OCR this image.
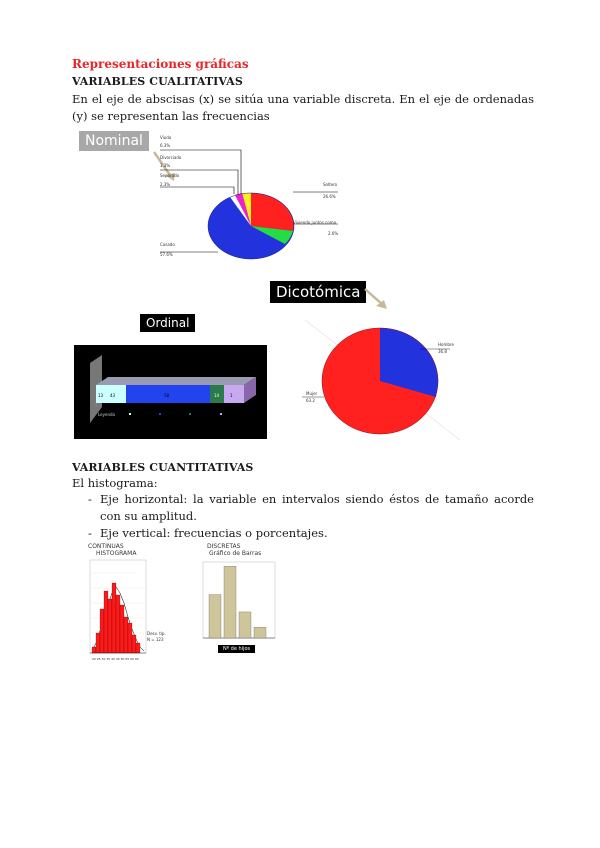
Representaciones gráficas
VARIABLES CUALITATIVAS
En el eje de abscisas (x) se sitúa una variable discreta. En el eje de ordenadas (y) se representan las frecuencias
Nominal	Viudo
6.3%
Divorciado
1.3%
Separado
2.3%	Soltero
26.6%
Viviendo juntos como
2.6%
Casado
57.6%
Dicotómica
Hombre
36.8
Mujer
63.2
Ordinal
13 43	58	14	1
Leyenda
VARIABLES CUANTITATIVAS
El histograma:
- Eje horizontal: la variable en intervalos siendo éstos de tamaño acorde con su amplitud.
- Eje vertical: frecuencias o porcentajes.
CONTINUAS
HISTOGRAMA
20 25 30 35 40 45 50 55 60 65
Desv. típ.
N = 123
DISCRETAS
Gráfico de Barras
Nº de hijos
